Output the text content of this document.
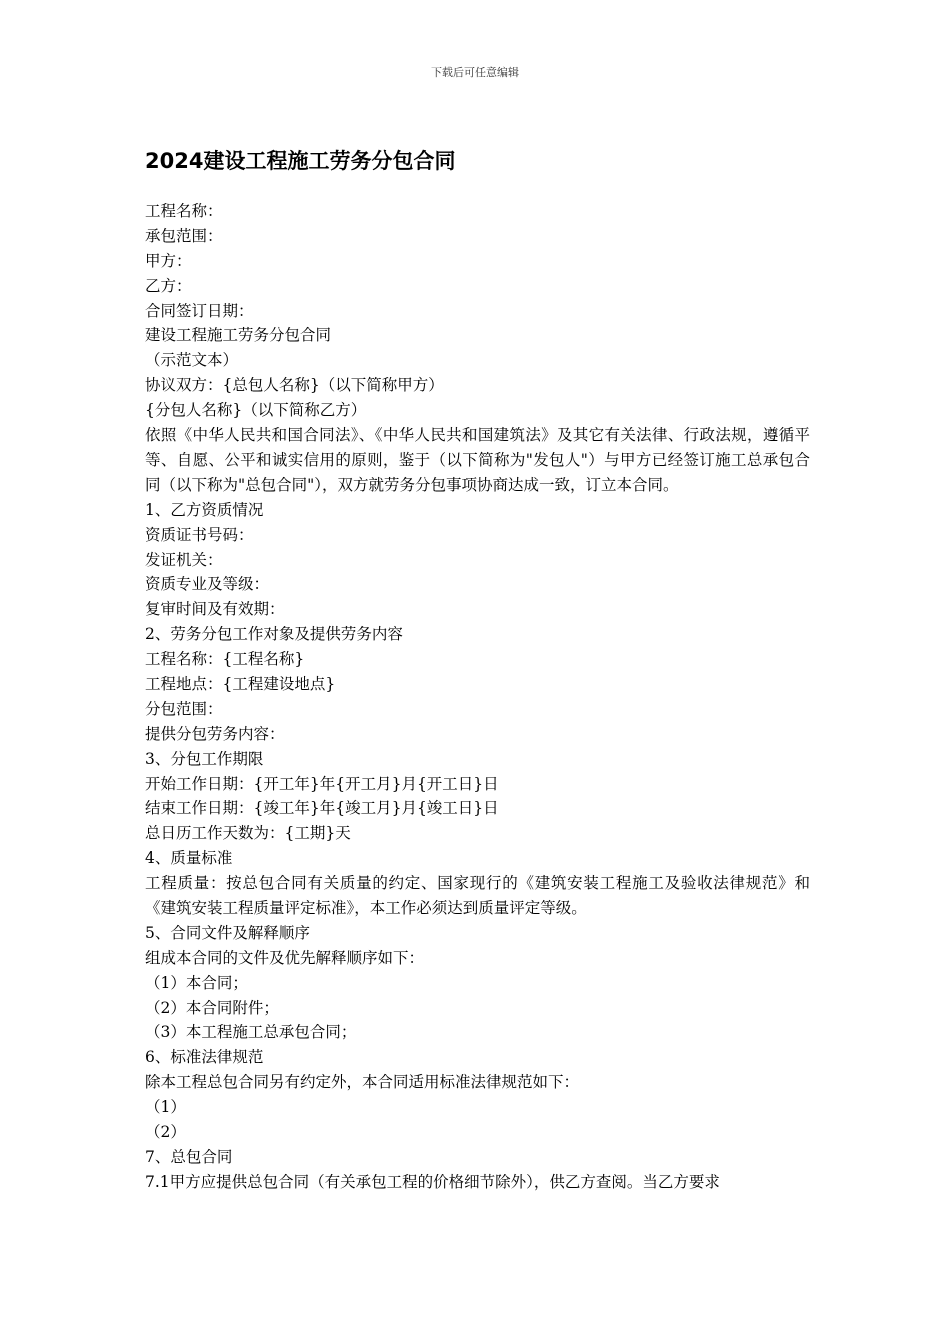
下载后可任意编辑
2024建设工程施工劳务分包合同
工程名称：
承包范围：
甲方：
乙方：
合同签订日期：
建设工程施工劳务分包合同
（示范文本）
协议双方：{总包人名称}（以下简称甲方）
{分包人名称}（以下简称乙方）
依照《中华人民共和国合同法》、《中华人民共和国建筑法》及其它有关法律、行政法规，遵循平等、自愿、公平和诚实信用的原则，鉴于（以下简称为"发包人"）与甲方已经签订施工总承包合同（以下称为"总包合同"），双方就劳务分包事项协商达成一致，订立本合同。
1、乙方资质情况
资质证书号码：
发证机关：
资质专业及等级：
复审时间及有效期：
2、劳务分包工作对象及提供劳务内容
工程名称：{工程名称}
工程地点：{工程建设地点}
分包范围：
提供分包劳务内容：
3、分包工作期限
开始工作日期：{开工年}年{开工月}月{开工日}日
结束工作日期：{竣工年}年{竣工月}月{竣工日}日
总日历工作天数为：{工期}天
4、质量标准
工程质量：按总包合同有关质量的约定、国家现行的《建筑安装工程施工及验收法律规范》和《建筑安装工程质量评定标准》，本工作必须达到质量评定等级。
5、合同文件及解释顺序
组成本合同的文件及优先解释顺序如下：
（1）本合同；
（2）本合同附件；
（3）本工程施工总承包合同；
6、标准法律规范
除本工程总包合同另有约定外，本合同适用标准法律规范如下：
（1）
（2）
7、总包合同
7.1甲方应提供总包合同（有关承包工程的价格细节除外），供乙方查阅。当乙方要求
